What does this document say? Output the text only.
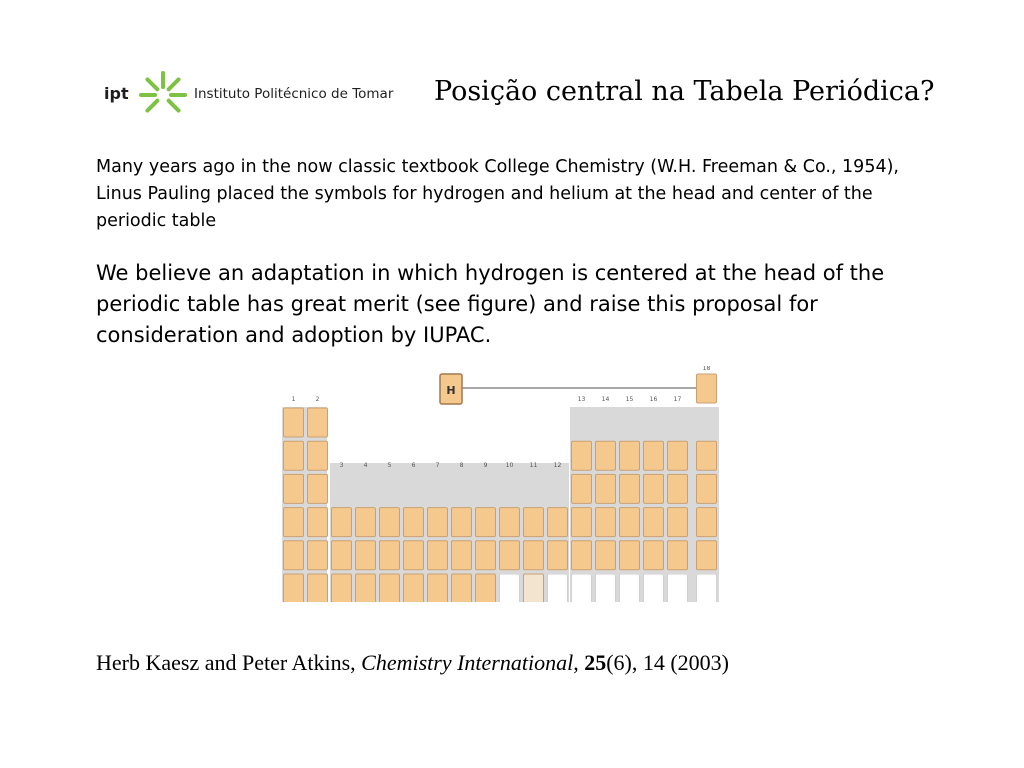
ipt	Instituto Politécnico de Tomar Posição central na Tabela Periódica?

Many years ago in the now classic textbook College Chemistry (W.H. Freeman & Co., 1954), Linus Pauling placed the symbols for hydrogen and helium at the head and center of the periodic table

We believe an adaptation in which hydrogen is centered at the head of the periodic table has great merit (see figure) and raise this proposal for consideration and adoption by IUPAC.

H
1	2
3	4	5	6	7	8	9	10	11	12
13	14	15	16	17
18
Herb Kaesz and Peter Atkins, Chemistry International, 25(6), 14 (2003)
